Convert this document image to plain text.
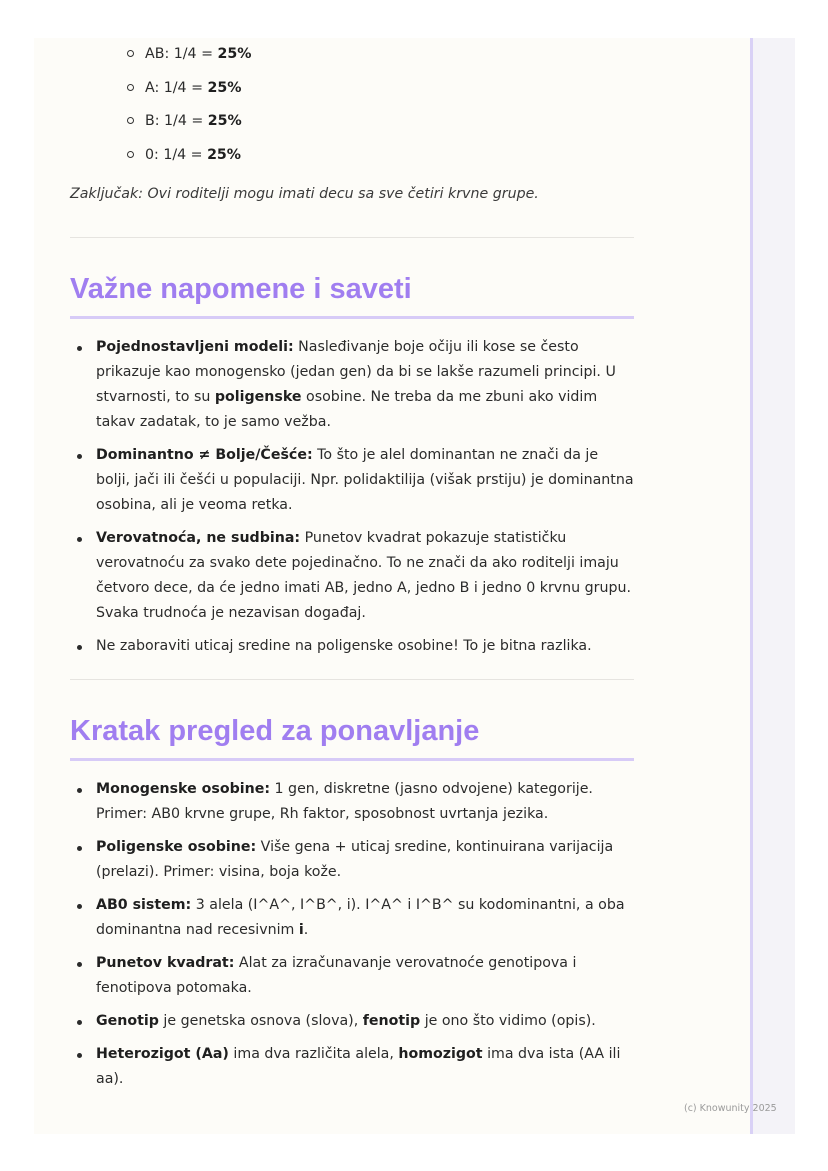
AB: 1/4 = 25%
A: 1/4 = 25%
B: 1/4 = 25%
0: 1/4 = 25%
Zaključak: Ovi roditelji mogu imati decu sa sve četiri krvne grupe.
Važne napomene i saveti
Pojednostavljeni modeli: Nasleđivanje boje očiju ili kose se često prikazuje kao monogensko (jedan gen) da bi se lakše razumeli principi. U stvarnosti, to su poligenske osobine. Ne treba da me zbuni ako vidim takav zadatak, to je samo vežba.
Dominantno ≠ Bolje/Češće: To što je alel dominantan ne znači da je bolji, jači ili češći u populaciji. Npr. polidaktilija (višak prstiju) je dominantna osobina, ali je veoma retka.
Verovatnoća, ne sudbina: Punetov kvadrat pokazuje statističku verovatnoću za svako dete pojedinačno. To ne znači da ako roditelji imaju četvoro dece, da će jedno imati AB, jedno A, jedno B i jedno 0 krvnu grupu. Svaka trudnoća je nezavisan događaj.
Ne zaboraviti uticaj sredine na poligenske osobine! To je bitna razlika.
Kratak pregled za ponavljanje
Monogenske osobine: 1 gen, diskretne (jasno odvojene) kategorije. Primer: AB0 krvne grupe, Rh faktor, sposobnost uvrtanja jezika.
Poligenske osobine: Više gena + uticaj sredine, kontinuirana varijacija (prelazi). Primer: visina, boja kože.
AB0 sistem: 3 alela (I^A^, I^B^, i). I^A^ i I^B^ su kodominantni, a oba dominantna nad recesivnim i.
Punetov kvadrat: Alat za izračunavanje verovatnoće genotipova i fenotipova potomaka.
Genotip je genetska osnova (slova), fenotip je ono što vidimo (opis).
Heterozigot (Aa) ima dva različita alela, homozigot ima dva ista (AA ili aa).
(c) Knowunity 2025
